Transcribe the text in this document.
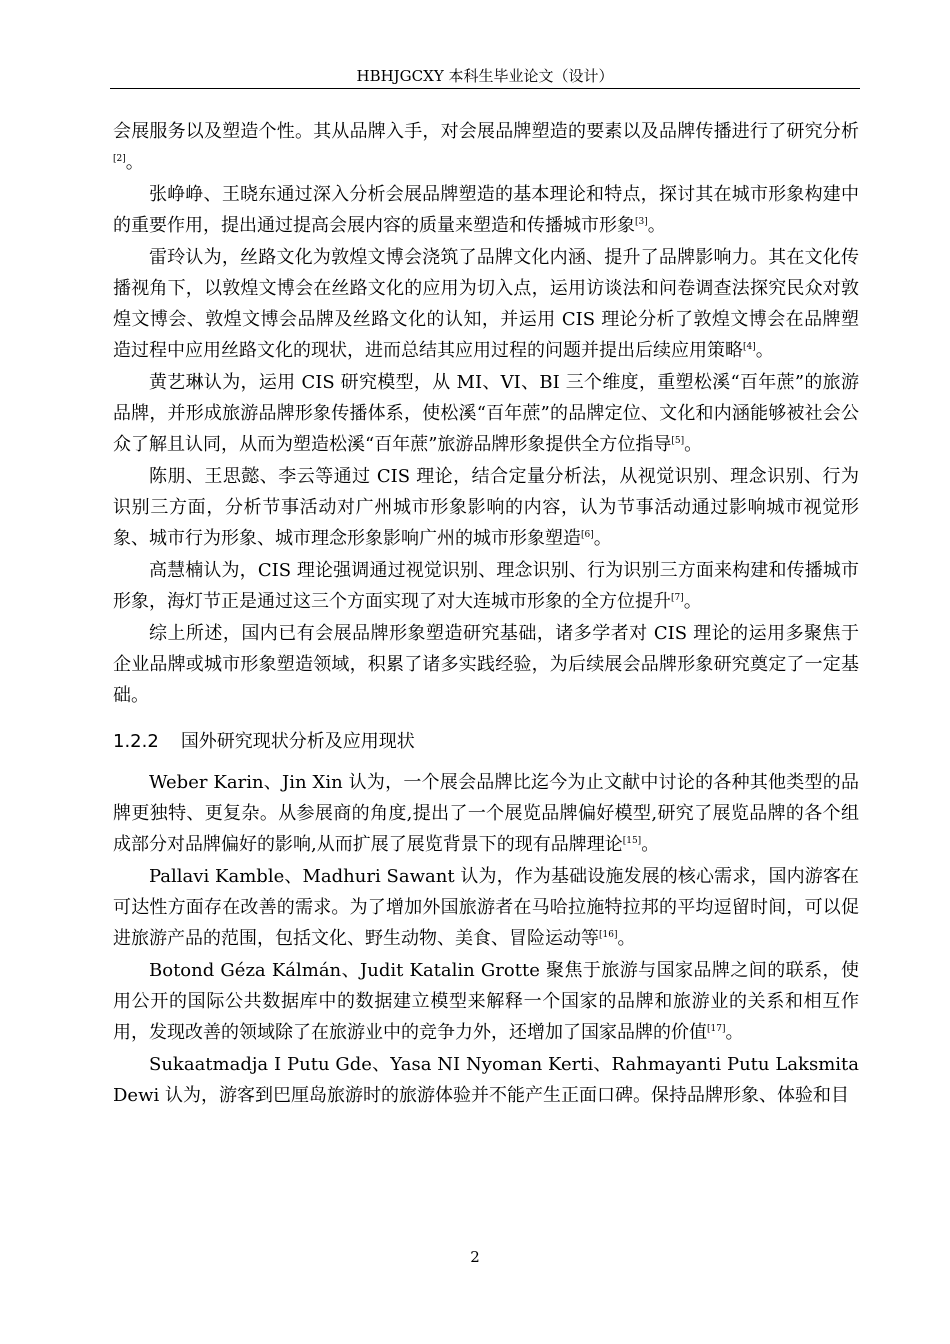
HBHJGCXY 本科生毕业论文（设计）

会展服务以及塑造个性。其从品牌入手，对会展品牌塑造的要素以及品牌传播进行了研究分析[2]。

张峥峥、王晓东通过深入分析会展品牌塑造的基本理论和特点，探讨其在城市形象构建中的重要作用，提出通过提高会展内容的质量来塑造和传播城市形象[3]。

雷玲认为，丝路文化为敦煌文博会浇筑了品牌文化内涵、提升了品牌影响力。其在文化传播视角下，以敦煌文博会在丝路文化的应用为切入点，运用访谈法和问卷调查法探究民众对敦煌文博会、敦煌文博会品牌及丝路文化的认知，并运用 CIS 理论分析了敦煌文博会在品牌塑造过程中应用丝路文化的现状，进而总结其应用过程的问题并提出后续应用策略[4]。

黄艺琳认为，运用 CIS 研究模型，从 MI、VI、BI 三个维度，重塑松溪“百年蔗”的旅游品牌，并形成旅游品牌形象传播体系，使松溪“百年蔗”的品牌定位、文化和内涵能够被社会公众了解且认同，从而为塑造松溪“百年蔗”旅游品牌形象提供全方位指导[5]。

陈朋、王思懿、李云等通过 CIS 理论，结合定量分析法，从视觉识别、理念识别、行为识别三方面，分析节事活动对广州城市形象影响的内容，认为节事活动通过影响城市视觉形象、城市行为形象、城市理念形象影响广州的城市形象塑造[6]。

高慧楠认为，CIS 理论强调通过视觉识别、理念识别、行为识别三方面来构建和传播城市形象，海灯节正是通过这三个方面实现了对大连城市形象的全方位提升[7]。

综上所述，国内已有会展品牌形象塑造研究基础，诸多学者对 CIS 理论的运用多聚焦于企业品牌或城市形象塑造领域，积累了诸多实践经验，为后续展会品牌形象研究奠定了一定基础。

1.2.2 国外研究现状分析及应用现状

Weber Karin、Jin Xin 认为，一个展会品牌比迄今为止文献中讨论的各种其他类型的品牌更独特、更复杂。从参展商的角度,提出了一个展览品牌偏好模型,研究了展览品牌的各个组成部分对品牌偏好的影响,从而扩展了展览背景下的现有品牌理论[15]。

Pallavi Kamble、Madhuri Sawant 认为，作为基础设施发展的核心需求，国内游客在可达性方面存在改善的需求。为了增加外国旅游者在马哈拉施特拉邦的平均逗留时间，可以促进旅游产品的范围，包括文化、野生动物、美食、冒险运动等[16]。

Botond Géza Kálmán、Judit Katalin Grotte 聚焦于旅游与国家品牌之间的联系，使用公开的国际公共数据库中的数据建立模型来解释一个国家的品牌和旅游业的关系和相互作用，发现改善的领域除了在旅游业中的竞争力外，还增加了国家品牌的价值[17]。

Sukaatmadja I Putu Gde、Yasa NI Nyoman Kerti、Rahmayanti Putu Laksmita Dewi 认为，游客到巴厘岛旅游时的旅游体验并不能产生正面口碑。保持品牌形象、体验和目

2
